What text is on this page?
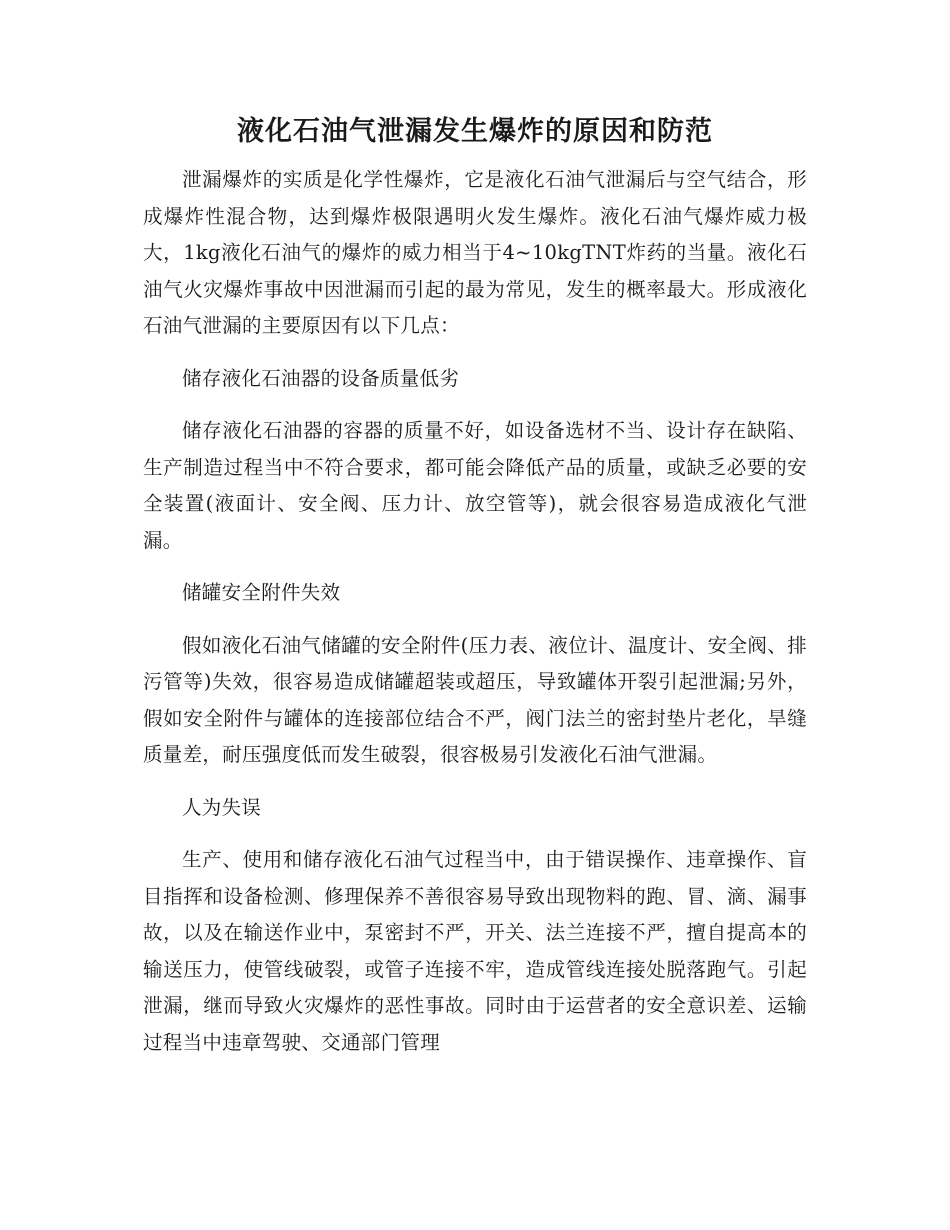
液化石油气泄漏发生爆炸的原因和防范

泄漏爆炸的实质是化学性爆炸，它是液化石油气泄漏后与空气结合，形成爆炸性混合物，达到爆炸极限遇明火发生爆炸。液化石油气爆炸威力极大，1kg液化石油气的爆炸的威力相当于4~10kgTNT炸药的当量。液化石油气火灾爆炸事故中因泄漏而引起的最为常见，发生的概率最大。形成液化石油气泄漏的主要原因有以下几点：

储存液化石油器的设备质量低劣

储存液化石油器的容器的质量不好，如设备选材不当、设计存在缺陷、生产制造过程当中不符合要求，都可能会降低产品的质量，或缺乏必要的安全装置(液面计、安全阀、压力计、放空管等)，就会很容易造成液化气泄漏。

储罐安全附件失效

假如液化石油气储罐的安全附件(压力表、液位计、温度计、安全阀、排污管等)失效，很容易造成储罐超装或超压，导致罐体开裂引起泄漏;另外，假如安全附件与罐体的连接部位结合不严，阀门法兰的密封垫片老化，旱缝质量差，耐压强度低而发生破裂，很容极易引发液化石油气泄漏。

人为失误

生产、使用和储存液化石油气过程当中，由于错误操作、违章操作、盲目指挥和设备检测、修理保养不善很容易导致出现物料的跑、冒、滴、漏事故，以及在输送作业中，泵密封不严，开关、法兰连接不严，擅自提高本的输送压力，使管线破裂，或管子连接不牢，造成管线连接处脱落跑气。引起泄漏，继而导致火灾爆炸的恶性事故。同时由于运营者的安全意识差、运输过程当中违章驾驶、交通部门管理
